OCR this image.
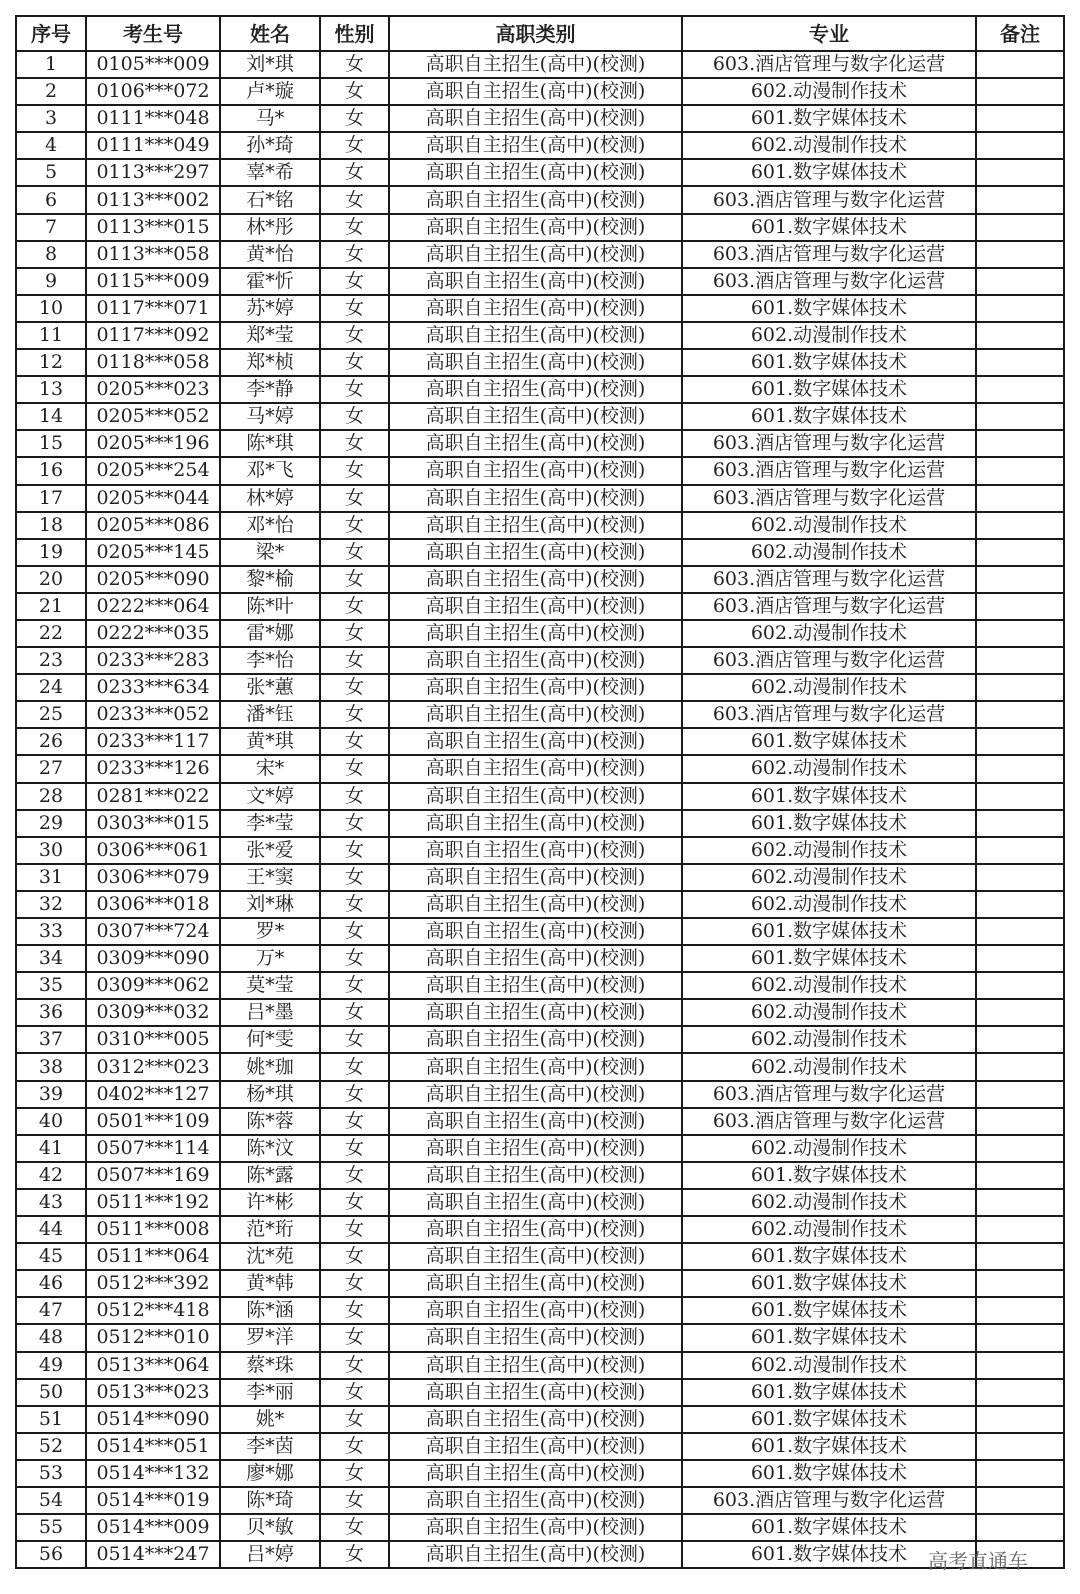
序号	考生号	姓名	性别	高职类别	专业	备注
1	0105***009	刘*琪	女	高职自主招生(高中)(校测)	603.酒店管理与数字化运营	
2	0106***072	卢*璇	女	高职自主招生(高中)(校测)	602.动漫制作技术	
3	0111***048	马*	女	高职自主招生(高中)(校测)	601.数字媒体技术	
4	0111***049	孙*琦	女	高职自主招生(高中)(校测)	602.动漫制作技术	
5	0113***297	辜*希	女	高职自主招生(高中)(校测)	601.数字媒体技术	
6	0113***002	石*铭	女	高职自主招生(高中)(校测)	603.酒店管理与数字化运营	
7	0113***015	林*彤	女	高职自主招生(高中)(校测)	601.数字媒体技术	
8	0113***058	黄*怡	女	高职自主招生(高中)(校测)	603.酒店管理与数字化运营	
9	0115***009	霍*忻	女	高职自主招生(高中)(校测)	603.酒店管理与数字化运营	
10	0117***071	苏*婷	女	高职自主招生(高中)(校测)	601.数字媒体技术	
11	0117***092	郑*莹	女	高职自主招生(高中)(校测)	602.动漫制作技术	
12	0118***058	郑*桢	女	高职自主招生(高中)(校测)	601.数字媒体技术	
13	0205***023	李*静	女	高职自主招生(高中)(校测)	601.数字媒体技术	
14	0205***052	马*婷	女	高职自主招生(高中)(校测)	601.数字媒体技术	
15	0205***196	陈*琪	女	高职自主招生(高中)(校测)	603.酒店管理与数字化运营	
16	0205***254	邓*飞	女	高职自主招生(高中)(校测)	603.酒店管理与数字化运营	
17	0205***044	林*婷	女	高职自主招生(高中)(校测)	603.酒店管理与数字化运营	
18	0205***086	邓*怡	女	高职自主招生(高中)(校测)	602.动漫制作技术	
19	0205***145	梁*	女	高职自主招生(高中)(校测)	602.动漫制作技术	
20	0205***090	黎*榆	女	高职自主招生(高中)(校测)	603.酒店管理与数字化运营	
21	0222***064	陈*叶	女	高职自主招生(高中)(校测)	603.酒店管理与数字化运营	
22	0222***035	雷*娜	女	高职自主招生(高中)(校测)	602.动漫制作技术	
23	0233***283	李*怡	女	高职自主招生(高中)(校测)	603.酒店管理与数字化运营	
24	0233***634	张*蕙	女	高职自主招生(高中)(校测)	602.动漫制作技术	
25	0233***052	潘*钰	女	高职自主招生(高中)(校测)	603.酒店管理与数字化运营	
26	0233***117	黄*琪	女	高职自主招生(高中)(校测)	601.数字媒体技术	
27	0233***126	宋*	女	高职自主招生(高中)(校测)	602.动漫制作技术	
28	0281***022	文*婷	女	高职自主招生(高中)(校测)	601.数字媒体技术	
29	0303***015	李*莹	女	高职自主招生(高中)(校测)	601.数字媒体技术	
30	0306***061	张*爱	女	高职自主招生(高中)(校测)	602.动漫制作技术	
31	0306***079	王*窦	女	高职自主招生(高中)(校测)	602.动漫制作技术	
32	0306***018	刘*琳	女	高职自主招生(高中)(校测)	602.动漫制作技术	
33	0307***724	罗*	女	高职自主招生(高中)(校测)	601.数字媒体技术	
34	0309***090	万*	女	高职自主招生(高中)(校测)	601.数字媒体技术	
35	0309***062	莫*莹	女	高职自主招生(高中)(校测)	602.动漫制作技术	
36	0309***032	吕*墨	女	高职自主招生(高中)(校测)	602.动漫制作技术	
37	0310***005	何*雯	女	高职自主招生(高中)(校测)	602.动漫制作技术	
38	0312***023	姚*珈	女	高职自主招生(高中)(校测)	602.动漫制作技术	
39	0402***127	杨*琪	女	高职自主招生(高中)(校测)	603.酒店管理与数字化运营	
40	0501***109	陈*蓉	女	高职自主招生(高中)(校测)	603.酒店管理与数字化运营	
41	0507***114	陈*汶	女	高职自主招生(高中)(校测)	602.动漫制作技术	
42	0507***169	陈*露	女	高职自主招生(高中)(校测)	601.数字媒体技术	
43	0511***192	许*彬	女	高职自主招生(高中)(校测)	602.动漫制作技术	
44	0511***008	范*珩	女	高职自主招生(高中)(校测)	602.动漫制作技术	
45	0511***064	沈*苑	女	高职自主招生(高中)(校测)	601.数字媒体技术	
46	0512***392	黄*韩	女	高职自主招生(高中)(校测)	601.数字媒体技术	
47	0512***418	陈*涵	女	高职自主招生(高中)(校测)	601.数字媒体技术	
48	0512***010	罗*洋	女	高职自主招生(高中)(校测)	601.数字媒体技术	
49	0513***064	蔡*珠	女	高职自主招生(高中)(校测)	602.动漫制作技术	
50	0513***023	李*丽	女	高职自主招生(高中)(校测)	601.数字媒体技术	
51	0514***090	姚*	女	高职自主招生(高中)(校测)	601.数字媒体技术	
52	0514***051	李*茵	女	高职自主招生(高中)(校测)	601.数字媒体技术	
53	0514***132	廖*娜	女	高职自主招生(高中)(校测)	601.数字媒体技术	
54	0514***019	陈*琦	女	高职自主招生(高中)(校测)	603.酒店管理与数字化运营	
55	0514***009	贝*敏	女	高职自主招生(高中)(校测)	601.数字媒体技术	
56	0514***247	吕*婷	女	高职自主招生(高中)(校测)	601.数字媒体技术	高考直通车
